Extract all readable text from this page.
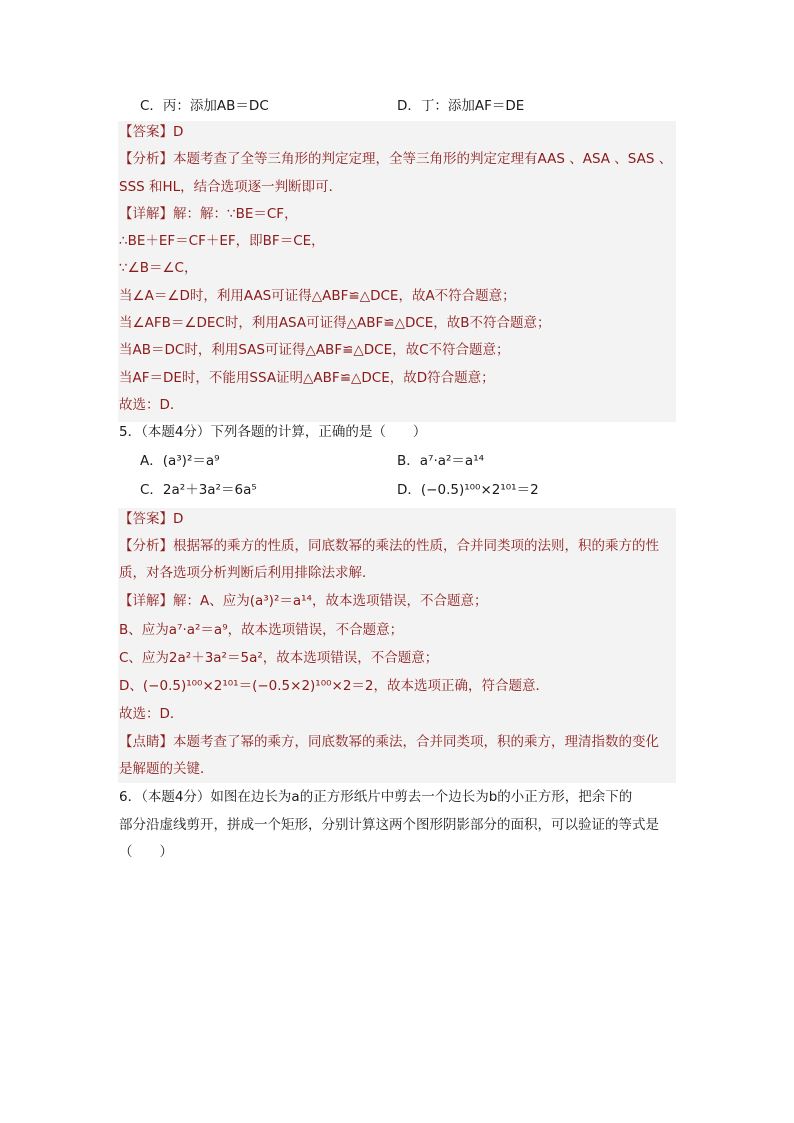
C．丙：添加AB＝DC	D．丁：添加AF＝DE
【答案】D
【分析】本题考查了全等三角形的判定定理，全等三角形的判定定理有AAS 、ASA 、SAS 、
SSS 和HL，结合选项逐一判断即可．
【详解】解：解：∵BE＝CF，
∴BE＋EF＝CF＋EF，即BF＝CE，
∵∠B＝∠C，
当∠A＝∠D时，利用AAS可证得△ABF≌△DCE，故A不符合题意；
当∠AFB＝∠DEC时，利用ASA可证得△ABF≌△DCE，故B不符合题意；
当AB＝DC时，利用SAS可证得△ABF≌△DCE，故C不符合题意；
当AF＝DE时，不能用SSA证明△ABF≌△DCE，故D符合题意；
故选：D．
5．（本题4分）下列各题的计算，正确的是（　　）
A．(a³)²＝a⁹	B．a⁷·a²＝a¹⁴
C．2a²＋3a²＝6a⁵	D．(−0.5)¹⁰⁰×2¹⁰¹＝2
【答案】D
【分析】根据幂的乘方的性质，同底数幂的乘法的性质，合并同类项的法则，积的乘方的性
质，对各选项分析判断后利用排除法求解．
【详解】解：A、应为(a³)²＝a¹⁴，故本选项错误，不合题意；
B、应为a⁷·a²＝a⁹，故本选项错误，不合题意；
C、应为2a²＋3a²＝5a²，故本选项错误，不合题意；
D、(−0.5)¹⁰⁰×2¹⁰¹＝(−0.5×2)¹⁰⁰×2＝2，故本选项正确，符合题意．
故选：D．
【点睛】本题考查了幂的乘方，同底数幂的乘法，合并同类项，积的乘方，理清指数的变化
是解题的关键．
6．（本题4分）如图在边长为a的正方形纸片中剪去一个边长为b的小正方形，把余下的
部分沿虚线剪开，拼成一个矩形，分别计算这两个图形阴影部分的面积，可以验证的等式是
（　　）
